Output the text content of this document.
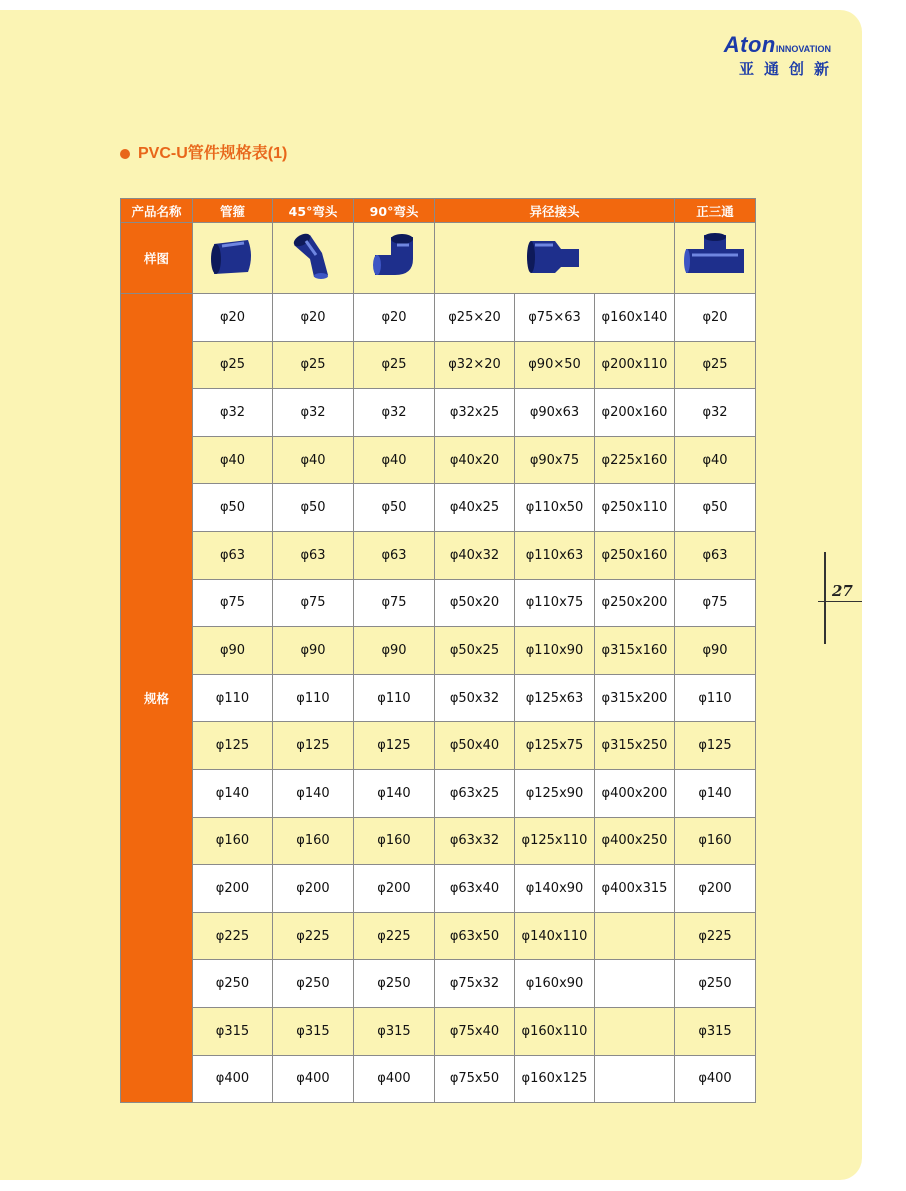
AtonINNOVATION
亚通创新
PVC-U管件规格表(1)
27
产品名称	管箍	45°弯头	90°弯头	异径接头			正三通
样图					
规格	φ20	φ20	φ20	φ25×20	φ75×63	φ160x140	φ20
	φ25	φ25	φ25	φ32×20	φ90×50	φ200x110	φ25
	φ32	φ32	φ32	φ32x25	φ90x63	φ200x160	φ32
	φ40	φ40	φ40	φ40x20	φ90x75	φ225x160	φ40
	φ50	φ50	φ50	φ40x25	φ110x50	φ250x110	φ50
	φ63	φ63	φ63	φ40x32	φ110x63	φ250x160	φ63
	φ75	φ75	φ75	φ50x20	φ110x75	φ250x200	φ75
	φ90	φ90	φ90	φ50x25	φ110x90	φ315x160	φ90
	φ110	φ110	φ110	φ50x32	φ125x63	φ315x200	φ110
	φ125	φ125	φ125	φ50x40	φ125x75	φ315x250	φ125
	φ140	φ140	φ140	φ63x25	φ125x90	φ400x200	φ140
	φ160	φ160	φ160	φ63x32	φ125x110	φ400x250	φ160
	φ200	φ200	φ200	φ63x40	φ140x90	φ400x315	φ200
	φ225	φ225	φ225	φ63x50	φ140x110		φ225
	φ250	φ250	φ250	φ75x32	φ160x90		φ250
	φ315	φ315	φ315	φ75x40	φ160x110		φ315
	φ400	φ400	φ400	φ75x50	φ160x125		φ400
